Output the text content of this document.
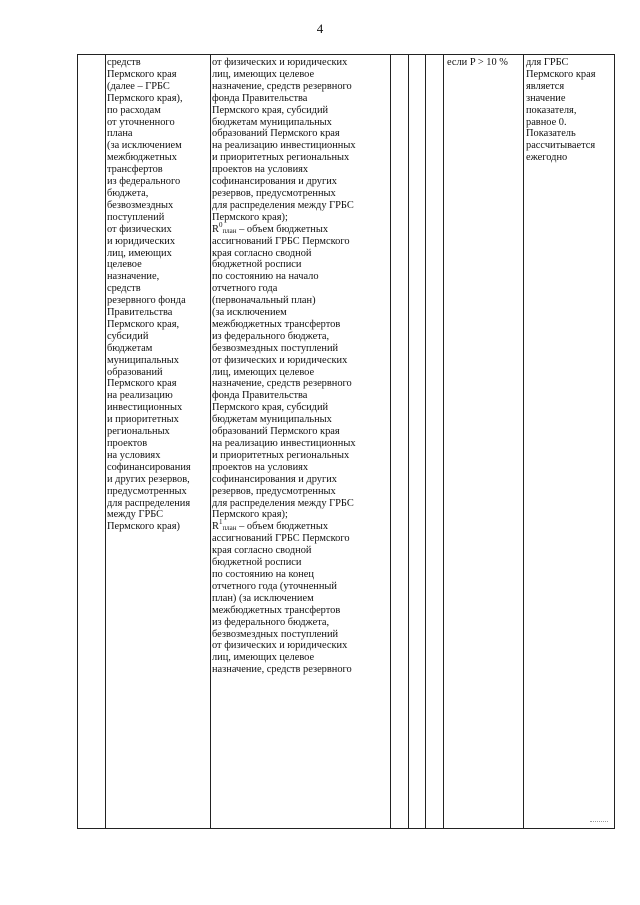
4
средств
Пермского края
(далее – ГРБС
Пермского края),
по расходам
от уточненного
плана
(за исключением
межбюджетных
трансфертов
из федерального
бюджета,
безвозмездных
поступлений
от физических
и юридических
лиц, имеющих
целевое
назначение,
средств
резервного фонда
Правительства
Пермского края,
субсидий
бюджетам
муниципальных
образований
Пермского края
на реализацию
инвестиционных
и приоритетных
региональных
проектов
на условиях
софинансирования
и других резервов,
предусмотренных
для распределения
между ГРБС
Пермского края)
от физических и юридических
лиц, имеющих целевое
назначение, средств резервного
фонда Правительства
Пермского края, субсидий
бюджетам муниципальных
образований Пермского края
на реализацию инвестиционных
и приоритетных региональных
проектов на условиях
софинансирования и других
резервов, предусмотренных
для распределения между ГРБС
Пермского края);
$R^0_{план}$ – объем бюджетных
ассигнований ГРБС Пермского
края согласно сводной
бюджетной росписи
по состоянию на начало
отчетного года
(первоначальный план)
(за исключением
межбюджетных трансфертов
из федерального бюджета,
безвозмездных поступлений
от физических и юридических
лиц, имеющих целевое
назначение, средств резервного
фонда Правительства
Пермского края, субсидий
бюджетам муниципальных
образований Пермского края
на реализацию инвестиционных
и приоритетных региональных
проектов на условиях
софинансирования и других
резервов, предусмотренных
для распределения между ГРБС
Пермского края);
$R^1_{план}$ – объем бюджетных
ассигнований ГРБС Пермского
края согласно сводной
бюджетной росписи
по состоянию на конец
отчетного года (уточненный
план) (за исключением
межбюджетных трансфертов
из федерального бюджета,
безвозмездных поступлений
от физических и юридических
лиц, имеющих целевое
назначение, средств резервного
если P > 10 % для ГРБС
Пермского края
является
значение
показателя,
равное 0.
Показатель
рассчитывается
ежегодно
